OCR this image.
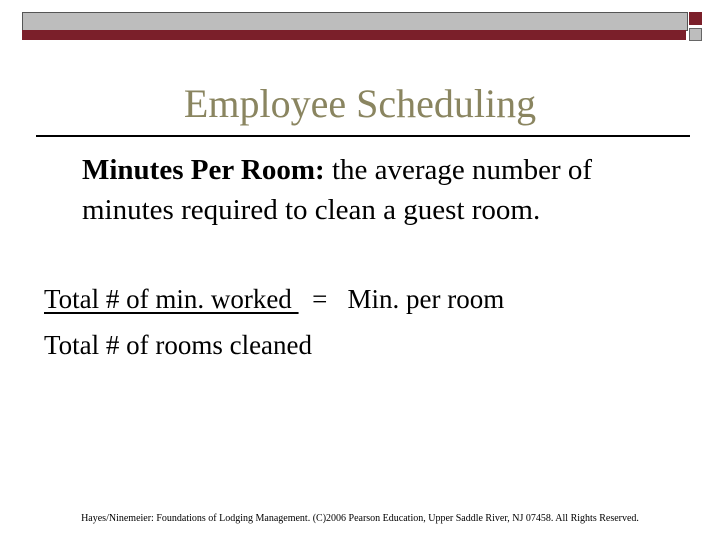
Employee Scheduling
Minutes Per Room: the average number of minutes required to clean a guest room.
Total # of min. worked   =   Min. per room
Total # of rooms cleaned
Hayes/Ninemeier: Foundations of Lodging Management. (C)2006 Pearson Education, Upper Saddle River, NJ 07458. All Rights Reserved.
